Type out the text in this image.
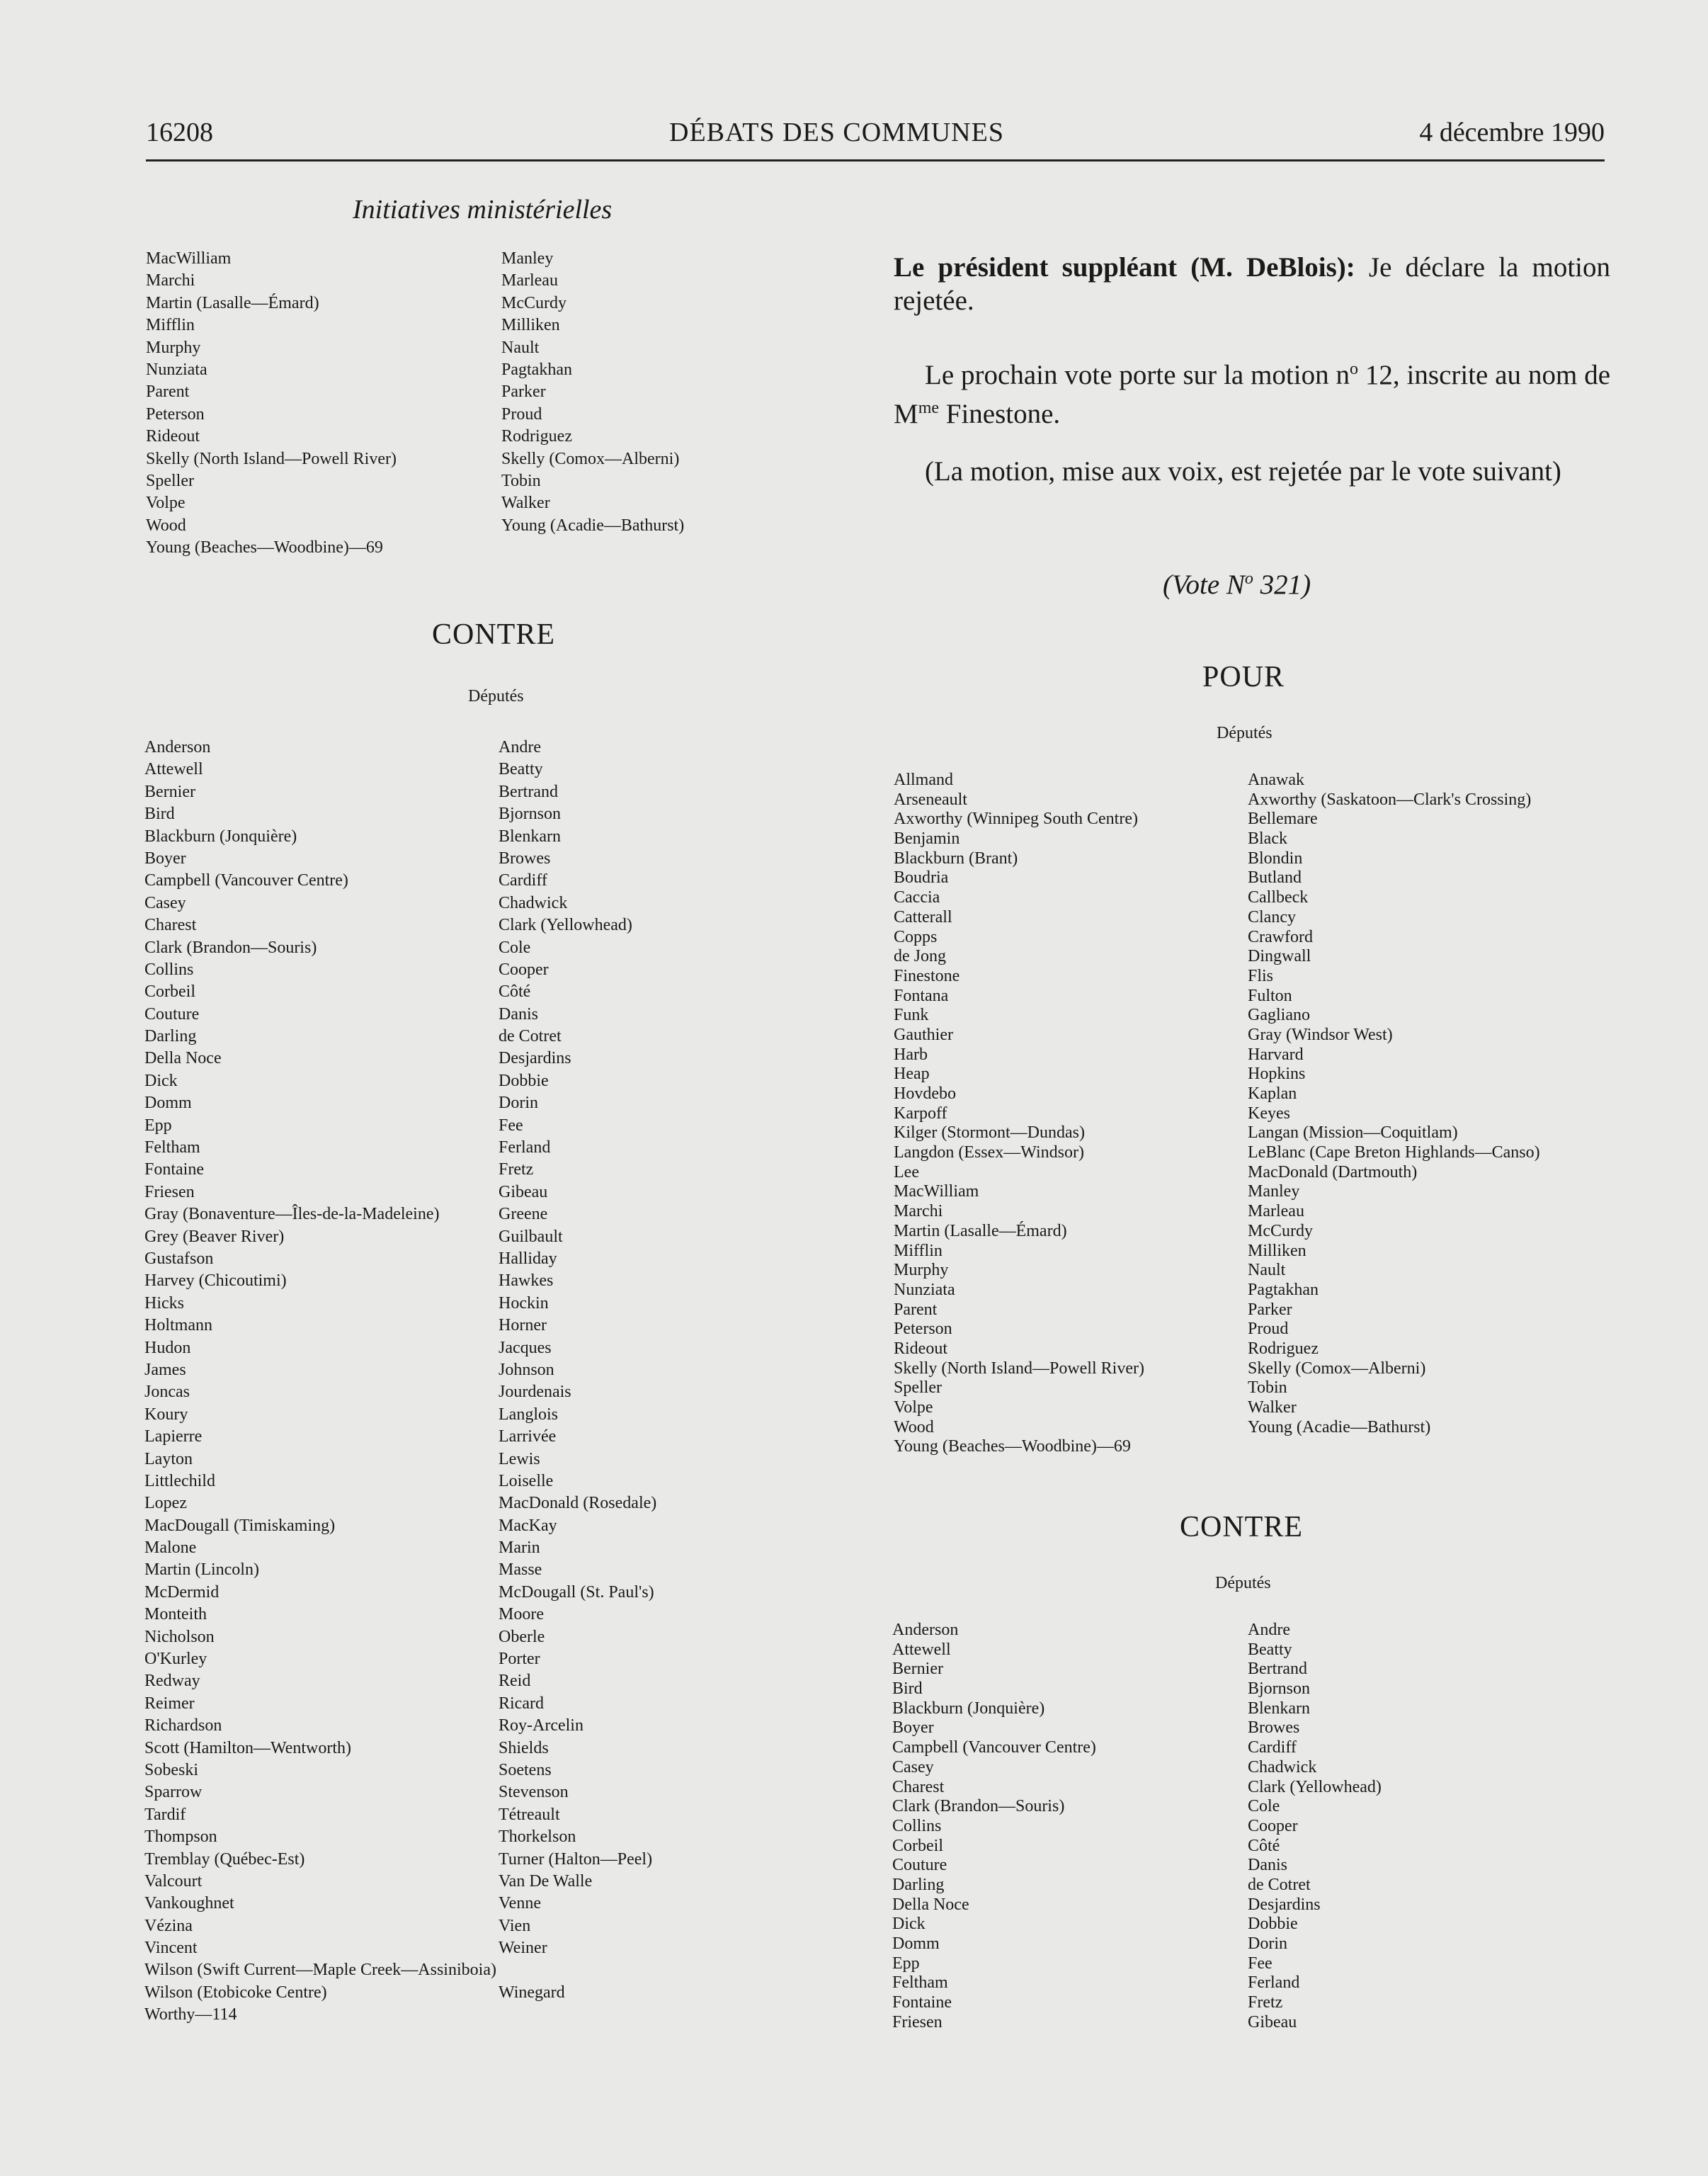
16208	DÉBATS DES COMMUNES	4 décembre 1990
Initiatives ministérielles
MacWilliam
Marchi
Martin (Lasalle—Émard)
Mifflin
Murphy
Nunziata
Parent
Peterson
Rideout
Skelly (North Island—Powell River)
Speller
Volpe
Wood
Young (Beaches—Woodbine)—69
Manley
Marleau
McCurdy
Milliken
Nault
Pagtakhan
Parker
Proud
Rodriguez
Skelly (Comox—Alberni)
Tobin
Walker
Young (Acadie—Bathurst)
CONTRE
Députés
Anderson
Attewell
Bernier
Bird
Blackburn (Jonquière)
Boyer
Campbell (Vancouver Centre)
Casey
Charest
Clark (Brandon—Souris)
Collins
Corbeil
Couture
Darling
Della Noce
Dick
Domm
Epp
Feltham
Fontaine
Friesen
Gray (Bonaventure—Îles-de-la-Madeleine)
Grey (Beaver River)
Gustafson
Harvey (Chicoutimi)
Hicks
Holtmann
Hudon
James
Joncas
Koury
Lapierre
Layton
Littlechild
Lopez
MacDougall (Timiskaming)
Malone
Martin (Lincoln)
McDermid
Monteith
Nicholson
O'Kurley
Redway
Reimer
Richardson
Scott (Hamilton—Wentworth)
Sobeski
Sparrow
Tardif
Thompson
Tremblay (Québec-Est)
Valcourt
Vankoughnet
Vézina
Vincent
Wilson (Swift Current—Maple Creek—Assiniboia)
Wilson (Etobicoke Centre)
Worthy—114
Andre
Beatty
Bertrand
Bjornson
Blenkarn
Browes
Cardiff
Chadwick
Clark (Yellowhead)
Cole
Cooper
Côté
Danis
de Cotret
Desjardins
Dobbie
Dorin
Fee
Ferland
Fretz
Gibeau
Greene
Guilbault
Halliday
Hawkes
Hockin
Horner
Jacques
Johnson
Jourdenais
Langlois
Larrivée
Lewis
Loiselle
MacDonald (Rosedale)
MacKay
Marin
Masse
McDougall (St. Paul's)
Moore
Oberle
Porter
Reid
Ricard
Roy-Arcelin
Shields
Soetens
Stevenson
Tétreault
Thorkelson
Turner (Halton—Peel)
Van De Walle
Venne
Vien
Weiner
Winegard
Le président suppléant (M. DeBlois): Je déclare la motion rejetée.
Le prochain vote porte sur la motion $n^o$ 12, inscrite au nom de $M^{me}$ Finestone.
(La motion, mise aux voix, est rejetée par le vote suivant)
(Vote $N^o$ 321)
POUR
Députés
Allmand
Arseneault
Axworthy (Winnipeg South Centre)
Benjamin
Blackburn (Brant)
Boudria
Caccia
Catterall
Copps
de Jong
Finestone
Fontana
Funk
Gauthier
Harb
Heap
Hovdebo
Karpoff
Kilger (Stormont—Dundas)
Langdon (Essex—Windsor)
Lee
MacWilliam
Marchi
Martin (Lasalle—Émard)
Mifflin
Murphy
Nunziata
Parent
Peterson
Rideout
Skelly (North Island—Powell River)
Speller
Volpe
Wood
Young (Beaches—Woodbine)—69
Anawak
Axworthy (Saskatoon—Clark's Crossing)
Bellemare
Black
Blondin
Butland
Callbeck
Clancy
Crawford
Dingwall
Flis
Fulton
Gagliano
Gray (Windsor West)
Harvard
Hopkins
Kaplan
Keyes
Langan (Mission—Coquitlam)
LeBlanc (Cape Breton Highlands—Canso)
MacDonald (Dartmouth)
Manley
Marleau
McCurdy
Milliken
Nault
Pagtakhan
Parker
Proud
Rodriguez
Skelly (Comox—Alberni)
Tobin
Walker
Young (Acadie—Bathurst)
CONTRE
Députés
Anderson
Attewell
Bernier
Bird
Blackburn (Jonquière)
Boyer
Campbell (Vancouver Centre)
Casey
Charest
Clark (Brandon—Souris)
Collins
Corbeil
Couture
Darling
Della Noce
Dick
Domm
Epp
Feltham
Fontaine
Friesen
Andre
Beatty
Bertrand
Bjornson
Blenkarn
Browes
Cardiff
Chadwick
Clark (Yellowhead)
Cole
Cooper
Côté
Danis
de Cotret
Desjardins
Dobbie
Dorin
Fee
Ferland
Fretz
Gibeau
